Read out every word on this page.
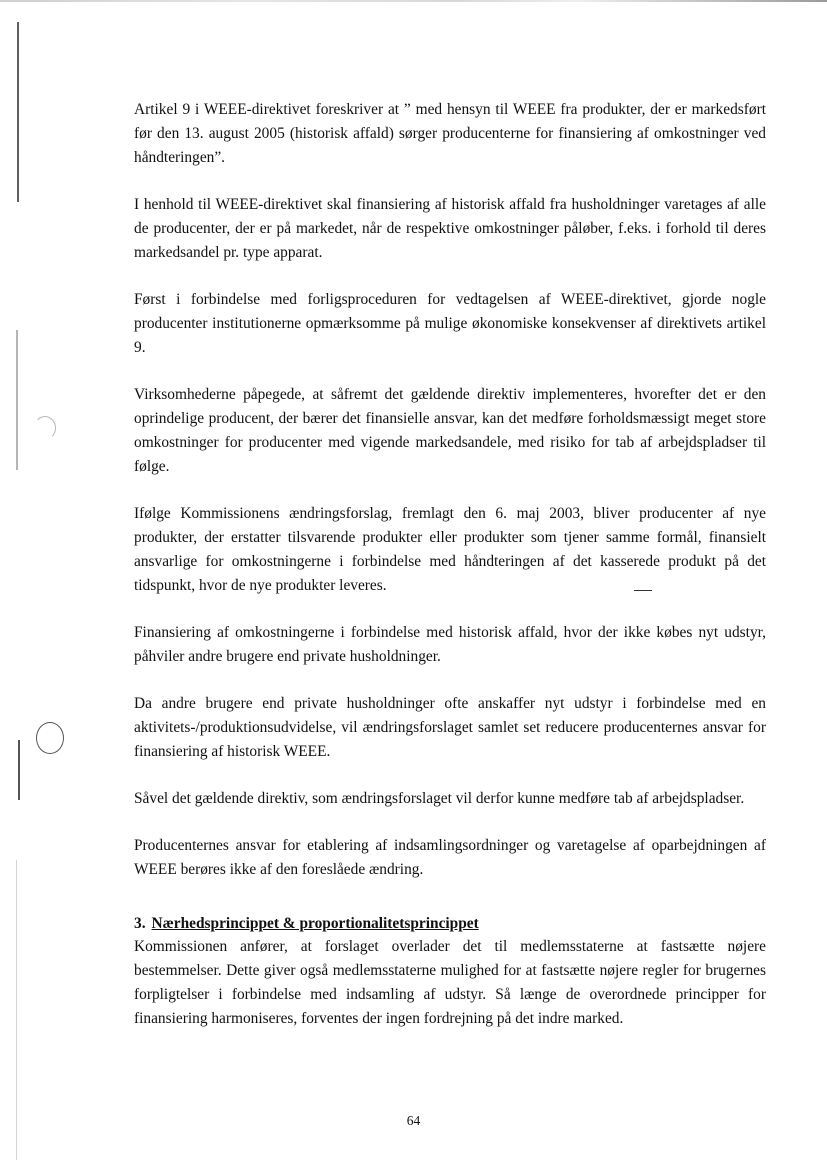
Artikel 9 i WEEE-direktivet foreskriver at ” med hensyn til WEEE fra produkter, der er markedsført før den 13. august 2005 (historisk affald) sørger producenterne for finansiering af omkostninger ved håndteringen”.

I henhold til WEEE-direktivet skal finansiering af historisk affald fra husholdninger varetages af alle de producenter, der er på markedet, når de respektive omkostninger påløber, f.eks. i forhold til deres markedsandel pr. type apparat.

Først i forbindelse med forligsproceduren for vedtagelsen af WEEE-direktivet, gjorde nogle producenter institutionerne opmærksomme på mulige økonomiske konsekvenser af direktivets artikel 9.

Virksomhederne påpegede, at såfremt det gældende direktiv implementeres, hvorefter det er den oprindelige producent, der bærer det finansielle ansvar, kan det medføre forholdsmæssigt meget store omkostninger for producenter med vigende markedsandele, med risiko for tab af arbejdspladser til følge.

Ifølge Kommissionens ændringsforslag, fremlagt den 6. maj 2003, bliver producenter af nye produkter, der erstatter tilsvarende produkter eller produkter som tjener samme formål, finansielt ansvarlige for omkostningerne i forbindelse med håndteringen af det kasserede produkt på det tidspunkt, hvor de nye produkter leveres.

Finansiering af omkostningerne i forbindelse med historisk affald, hvor der ikke købes nyt udstyr, påhviler andre brugere end private husholdninger.

Da andre brugere end private husholdninger ofte anskaffer nyt udstyr i forbindelse med en aktivitets-/produktionsudvidelse, vil ændringsforslaget samlet set reducere producenternes ansvar for finansiering af historisk WEEE.

Såvel det gældende direktiv, som ændringsforslaget vil derfor kunne medføre tab af arbejdspladser.

Producenternes ansvar for etablering af indsamlingsordninger og varetagelse af oparbejdningen af WEEE berøres ikke af den foreslåede ændring.

3. Nærhedsprincippet & proportionalitetsprincippet

Kommissionen anfører, at forslaget overlader det til medlemsstaterne at fastsætte nøjere bestemmelser. Dette giver også medlemsstaterne mulighed for at fastsætte nøjere regler for brugernes forpligtelser i forbindelse med indsamling af udstyr. Så længe de overordnede principper for finansiering harmoniseres, forventes der ingen fordrejning på det indre marked.

64
